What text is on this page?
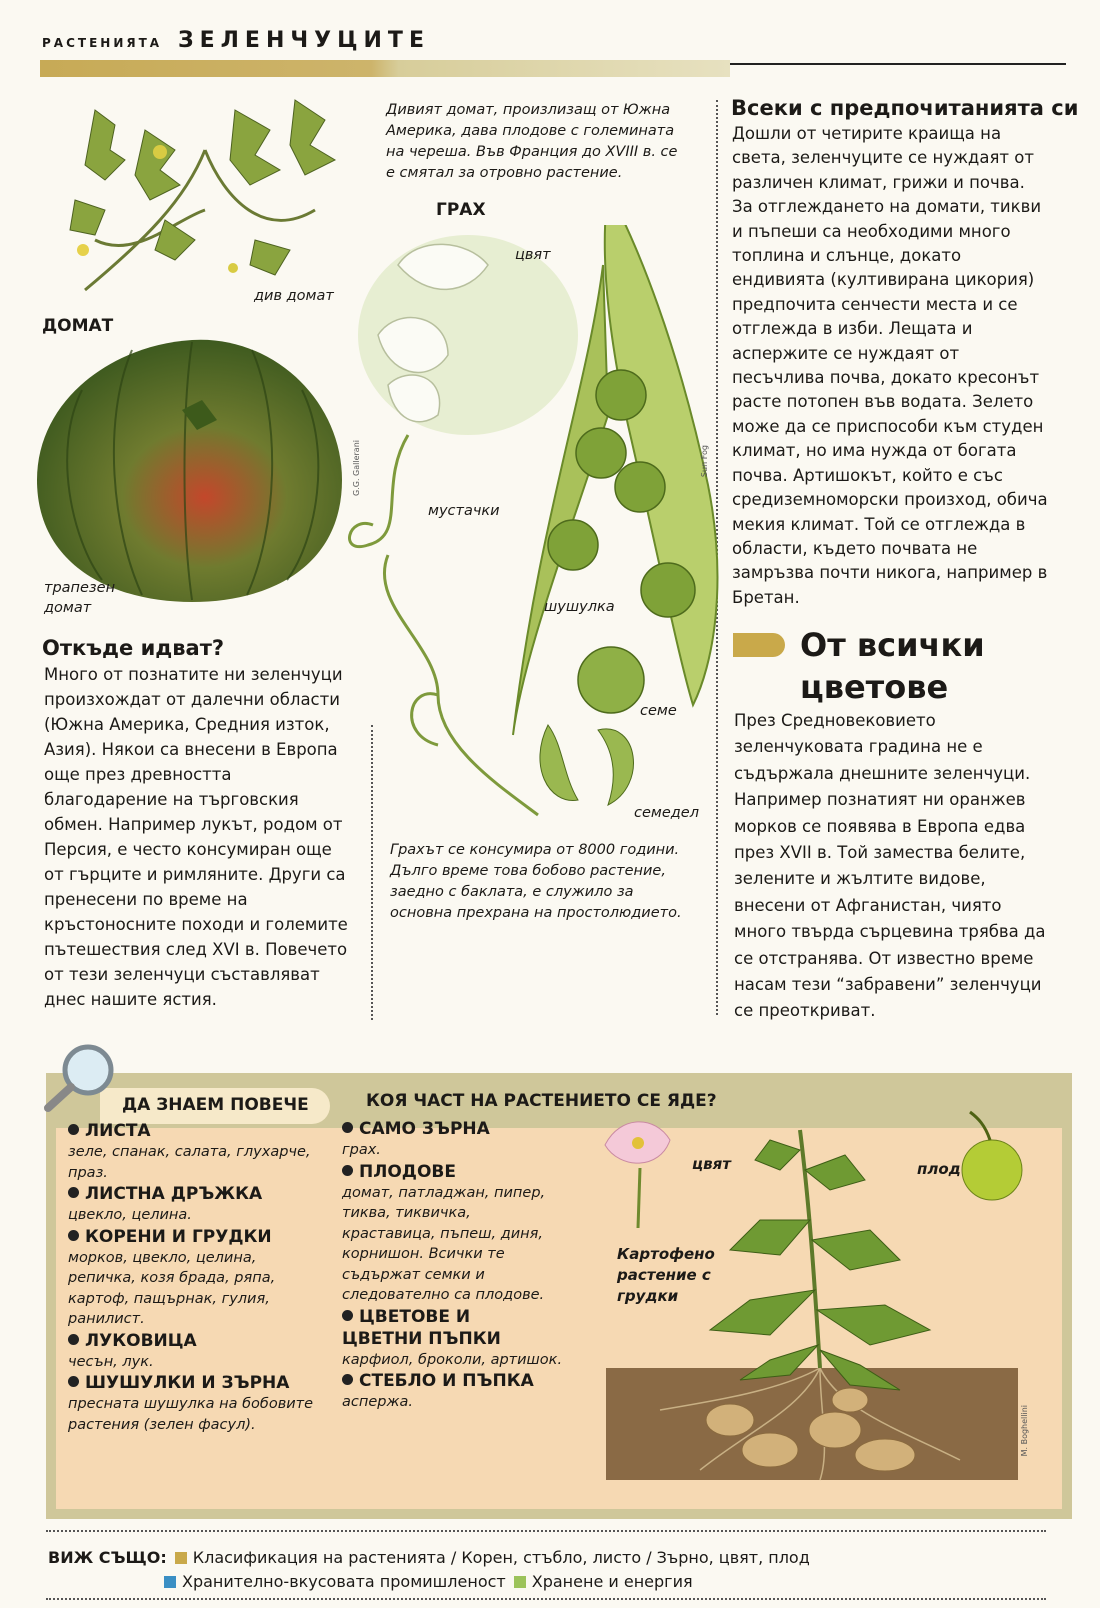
РАСТЕНИЯТА ЗЕЛЕНЧУЦИТЕ
див домат
Дивият домат, произлизащ от Южна Америка, дава плодове с големината на череша. Във Франция до XVIII в. се е смятал за отровно растение.
ДОМАТ
трапезен домат
G.G. Gallerani
Откъде идват?
Много от познатите ни зеленчуци произхождат от далечни области (Южна Америка, Средния изток, Азия). Някои са внесени в Европа още през древността благодарение на търговския обмен. Например лукът, родом от Персия, е често консумиран още от гърците и римляните. Други са пренесени по време на кръстоносните походи и големите пътешествия след XVI в. Повечето от тези зеленчуци съставляват днес нашите ястия.
ГРАХ
цвят
мустачки
шушулка
семе
семедел
Sun Fog
Грахът се консумира от 8000 години. Дълго време това бобово растение, заедно с баклата, е служило за основна прехрана на простолюдието.
Всеки с предпочитанията си
Дошли от четирите краища на света, зеленчуците се нуждаят от различен климат, грижи и почва. За отглеждането на домати, тикви и пъпеши са необходими много топлина и слънце, докато ендивията (култивирана цикория) предпочита сенчести места и се отглежда в изби. Лещата и аспержите се нуждаят от песъчлива почва, докато кресонът расте потопен във водата. Зелето може да се приспособи към студен климат, но има нужда от богата почва. Артишокът, който е със средиземноморски произход, обича мекия климат. Той се отглежда в области, където почвата не замръзва почти никога, например в Бретан.
От всички цветове
През Средновековието зеленчуковата градина не е съдържала днешните зеленчуци. Например познатият ни оранжев морков се появява в Европа едва през XVII в. Той замества белите, зелените и жълтите видове, внесени от Афганистан, чиято много твърда сърцевина трябва да се отстранява. От известно време насам тези “забравени” зеленчуци се преоткриват.
ДА ЗНАЕМ ПОВЕЧЕ	КОЯ ЧАСТ НА РАСТЕНИЕТО СЕ ЯДЕ?
ЛИСТА
зеле, спанак, салата, глухарче, праз.
ЛИСТНА ДРЪЖКА
цвекло, целина.
КОРЕНИ И ГРУДКИ
морков, цвекло, целина, репичка, козя брада, ряпа, картоф, пащърнак, гулия, ранилист.
ЛУКОВИЦА
чесън, лук.
ШУШУЛКИ И ЗЪРНА
пресната шушулка на бобовите растения (зелен фасул).
САМО ЗЪРНА
грах.
ПЛОДОВЕ
домат, патладжан, пипер, тиква, тиквичка, краставица, пъпеш, диня, корнишон. Всички те съдържат семки и следователно са плодове.
ЦВЕТОВЕ И ЦВЕТНИ ПЪПКИ
карфиол, броколи, артишок.
СТЕБЛО И ПЪПКА
аспержа.
цвят	плод
Картофено растение с грудки
M. Boghellini
ВИЖ СЪЩО: Класификация на растенията / Корен, стъбло, листо / Зърно, цвят, плод
Хранително-вкусовата промишленост Хранене и енергия
